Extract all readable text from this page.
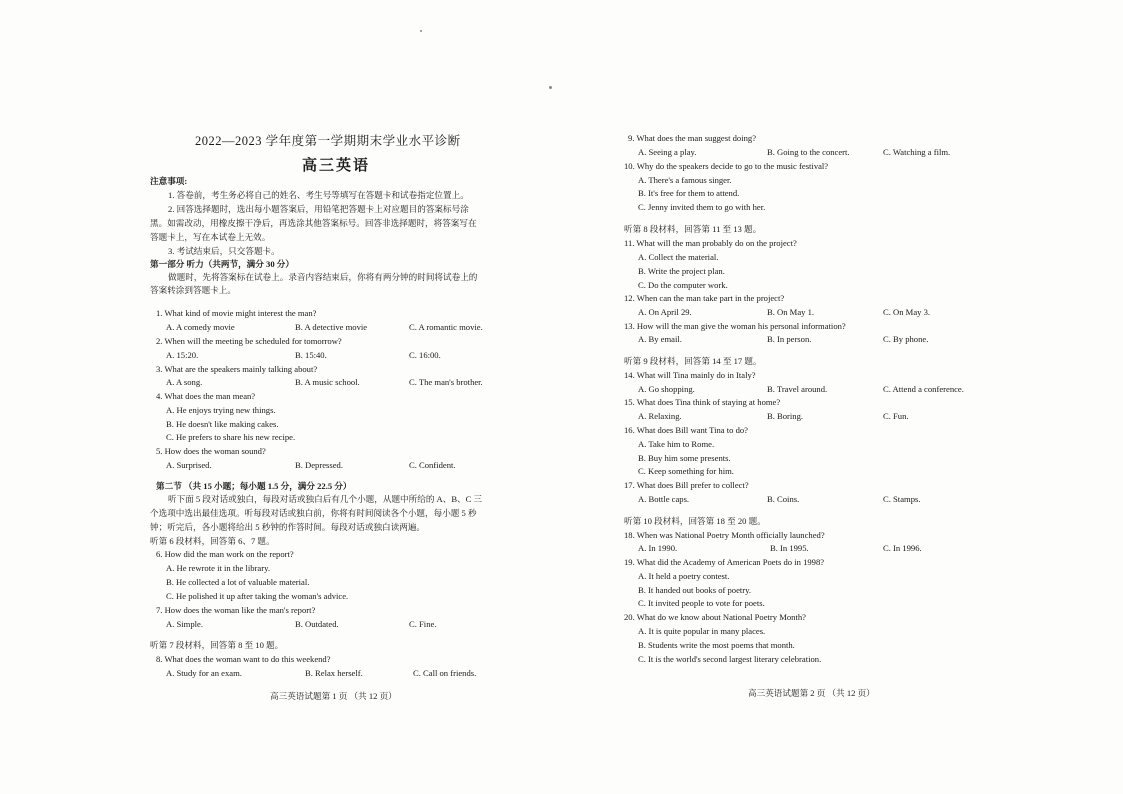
2022—2023 学年度第一学期期末学业水平诊断
高三英语
注意事项:
1. 答卷前，考生务必将自己的姓名、考生号等填写在答题卡和试卷指定位置上。
2. 回答选择题时，选出每小题答案后，用铅笔把答题卡上对应题目的答案标号涂
黑。如需改动，用橡皮擦干净后，再选涂其他答案标号。回答非选择题时，将答案写在
答题卡上，写在本试卷上无效。
3. 考试结束后，只交答题卡。
第一部分 听力（共两节，满分 30 分）
做题时，先将答案标在试卷上。录音内容结束后，你将有两分钟的时间将试卷上的
答案转涂到答题卡上。
1. What kind of movie might interest the man?
A. A comedy movie	B. A detective movie	C. A romantic movie.
2. When will the meeting be scheduled for tomorrow?
A. 15:20.	B. 15:40.	C. 16:00.
3. What are the speakers mainly talking about?
A. A song.	B. A music school.	C. The man's brother.
4. What does the man mean?
A. He enjoys trying new things.
B. He doesn't like making cakes.
C. He prefers to share his new recipe.
5. How does the woman sound?
A. Surprised.	B. Depressed.	C. Confident.
第二节 （共 15 小题；每小题 1.5 分，满分 22.5 分）
听下面 5 段对话或独白，每段对话或独白后有几个小题，从题中所给的 A、B、C 三
个选项中选出最佳选项。听每段对话或独白前，你将有时间阅读各个小题，每小题 5 秒
钟；听完后，各小题将给出 5 秒钟的作答时间。每段对话或独白读两遍。
听第 6 段材料，回答第 6、7 题。
6. How did the man work on the report?
A. He rewrote it in the library.
B. He collected a lot of valuable material.
C. He polished it up after taking the woman's advice.
7. How does the woman like the man's report?
A. Simple.	B. Outdated.	C. Fine.
听第 7 段材料，回答第 8 至 10 题。
8. What does the woman want to do this weekend?
A. Study for an exam.	B. Relax herself.	C. Call on friends.
高三英语试题第 1 页 （共 12 页）
9. What does the man suggest doing?
A. Seeing a play.	B. Going to the concert.	C. Watching a film.
10. Why do the speakers decide to go to the music festival?
A. There's a famous singer.
B. It's free for them to attend.
C. Jenny invited them to go with her.
听第 8 段材料，回答第 11 至 13 题。
11. What will the man probably do on the project?
A. Collect the material.
B. Write the project plan.
C. Do the computer work.
12. When can the man take part in the project?
A. On April 29.	B. On May 1.	C. On May 3.
13. How will the man give the woman his personal information?
A. By email.	B. In person.	C. By phone.
听第 9 段材料，回答第 14 至 17 题。
14. What will Tina mainly do in Italy?
A. Go shopping.	B. Travel around.	C. Attend a conference.
15. What does Tina think of staying at home?
A. Relaxing.	B. Boring.	C. Fun.
16. What does Bill want Tina to do?
A. Take him to Rome.
B. Buy him some presents.
C. Keep something for him.
17. What does Bill prefer to collect?
A. Bottle caps.	B. Coins.	C. Stamps.
听第 10 段材料，回答第 18 至 20 题。
18. When was National Poetry Month officially launched?
A. In 1990.	B. In 1995.	C. In 1996.
19. What did the Academy of American Poets do in 1998?
A. It held a poetry contest.
B. It handed out books of poetry.
C. It invited people to vote for poets.
20. What do we know about National Poetry Month?
A. It is quite popular in many places.
B. Students write the most poems that month.
C. It is the world's second largest literary celebration.
高三英语试题第 2 页 （共 12 页）
